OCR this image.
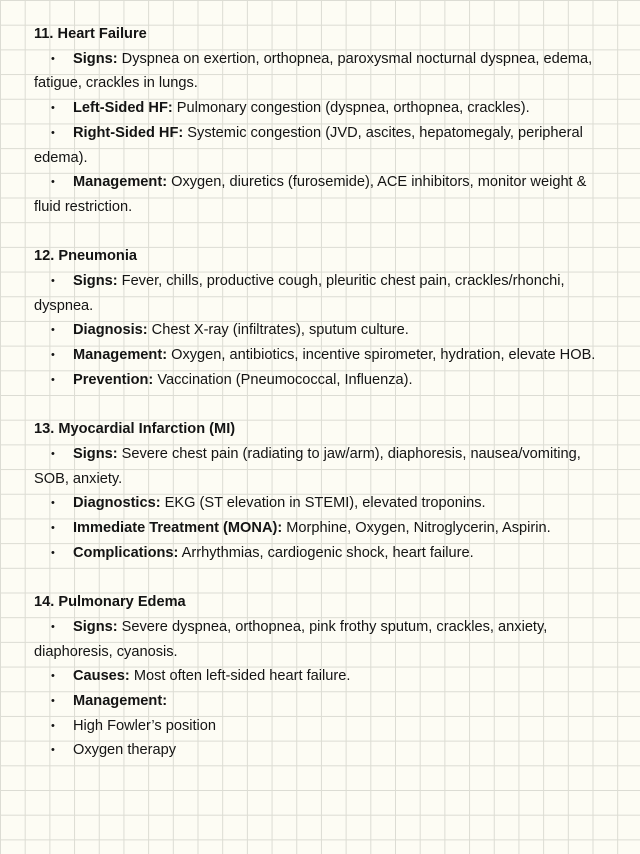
11. Heart Failure

• Signs: Dyspnea on exertion, orthopnea, paroxysmal nocturnal dyspnea, edema, fatigue, crackles in lungs.
• Left-Sided HF: Pulmonary congestion (dyspnea, orthopnea, crackles).
• Right-Sided HF: Systemic congestion (JVD, ascites, hepatomegaly, peripheral edema).
• Management: Oxygen, diuretics (furosemide), ACE inhibitors, monitor weight & fluid restriction.

12. Pneumonia

• Signs: Fever, chills, productive cough, pleuritic chest pain, crackles/rhonchi, dyspnea.
• Diagnosis: Chest X-ray (infiltrates), sputum culture.
• Management: Oxygen, antibiotics, incentive spirometer, hydration, elevate HOB.
• Prevention: Vaccination (Pneumococcal, Influenza).

13. Myocardial Infarction (MI)

• Signs: Severe chest pain (radiating to jaw/arm), diaphoresis, nausea/vomiting, SOB, anxiety.
• Diagnostics: EKG (ST elevation in STEMI), elevated troponins.
• Immediate Treatment (MONA): Morphine, Oxygen, Nitroglycerin, Aspirin.
• Complications: Arrhythmias, cardiogenic shock, heart failure.

14. Pulmonary Edema

• Signs: Severe dyspnea, orthopnea, pink frothy sputum, crackles, anxiety, diaphoresis, cyanosis.
• Causes: Most often left-sided heart failure.
• Management:
• High Fowler’s position
• Oxygen therapy
